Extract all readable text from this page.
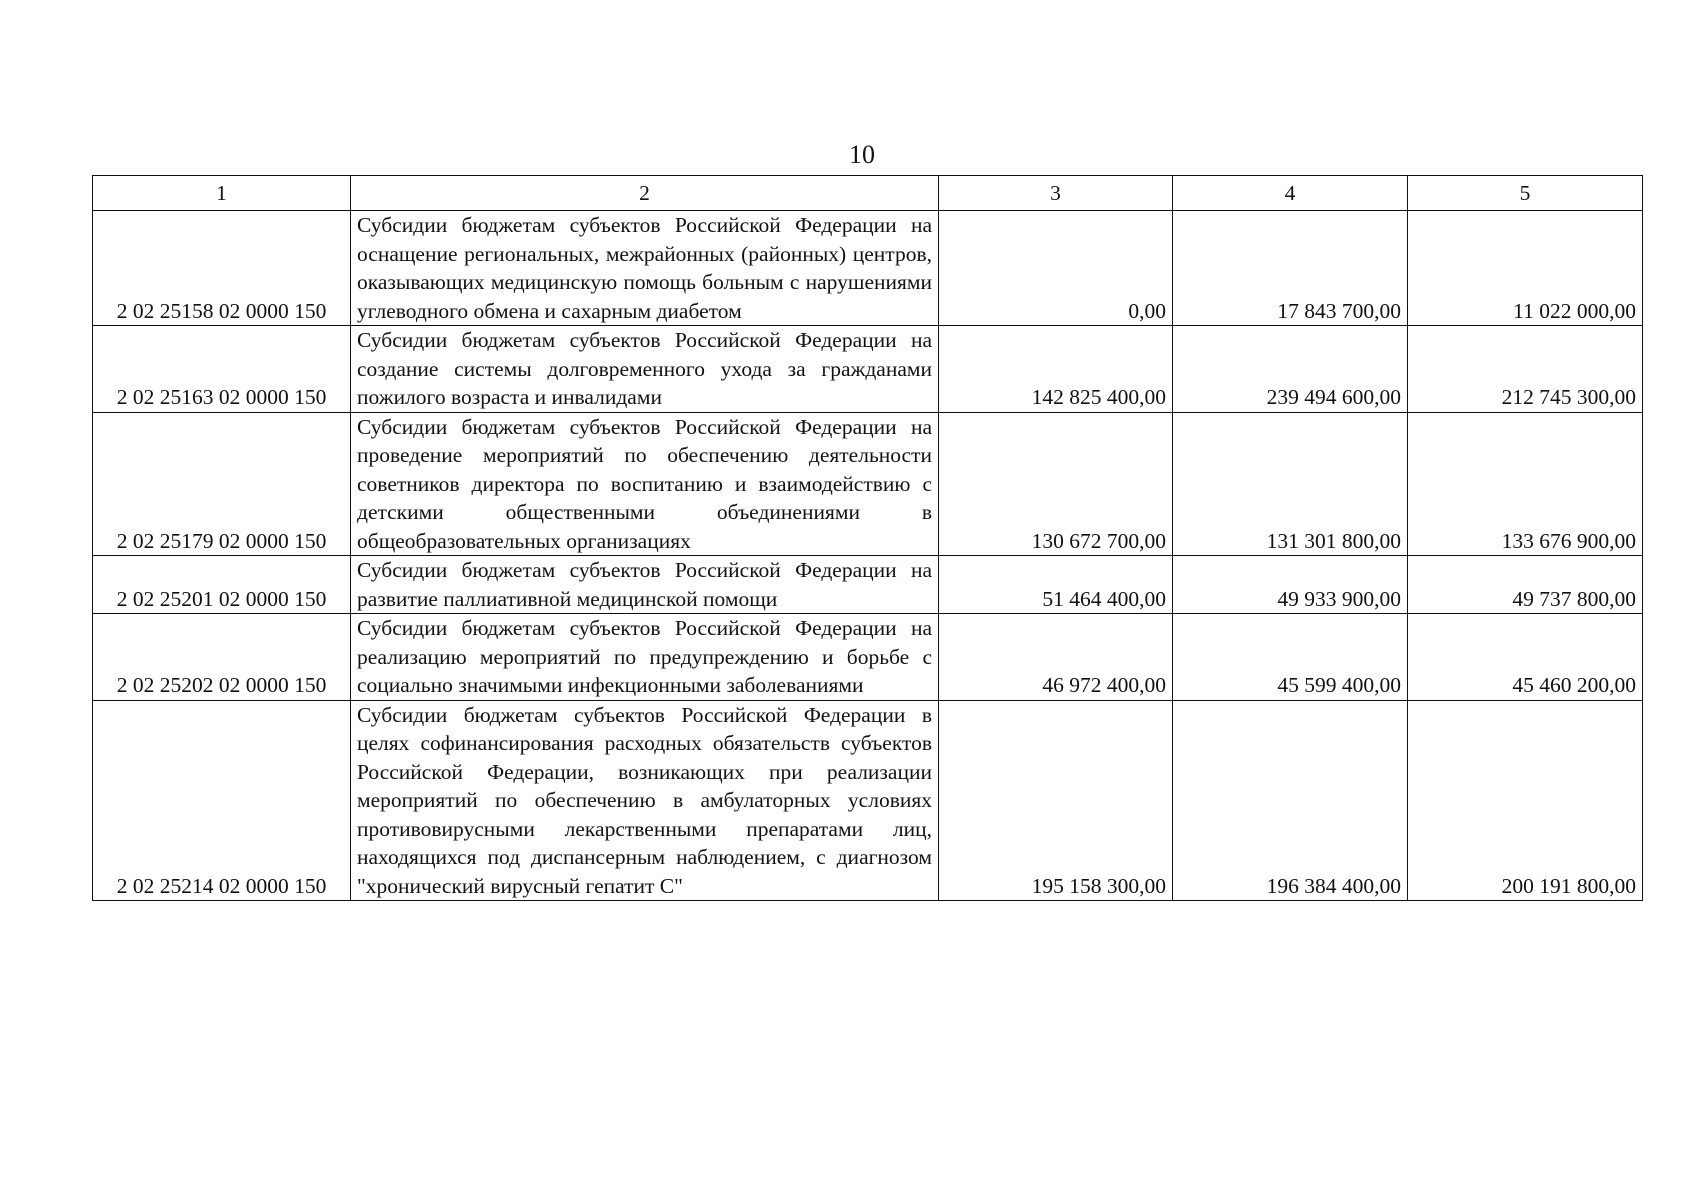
10
1	2	3	4	5
2 02 25158 02 0000 150	Субсидии бюджетам субъектов Российской Федерации на оснащение региональных, межрайонных (районных) центров, оказывающих медицинскую помощь больным с нарушениями углеводного обмена и сахарным диабетом	0,00	17 843 700,00	11 022 000,00
2 02 25163 02 0000 150	Субсидии бюджетам субъектов Российской Федерации на создание системы долговременного ухода за гражданами пожилого возраста и инвалидами	142 825 400,00	239 494 600,00	212 745 300,00
2 02 25179 02 0000 150	Субсидии бюджетам субъектов Российской Федерации на проведение мероприятий по обеспечению деятельности советников директора по воспитанию и взаимодействию с детскими общественными объединениями в общеобразовательных организациях	130 672 700,00	131 301 800,00	133 676 900,00
2 02 25201 02 0000 150	Субсидии бюджетам субъектов Российской Федерации на развитие паллиативной медицинской помощи	51 464 400,00	49 933 900,00	49 737 800,00
2 02 25202 02 0000 150	Субсидии бюджетам субъектов Российской Федерации на реализацию мероприятий по предупреждению и борьбе с социально значимыми инфекционными заболеваниями	46 972 400,00	45 599 400,00	45 460 200,00
2 02 25214 02 0000 150	Субсидии бюджетам субъектов Российской Федерации в целях софинансирования расходных обязательств субъектов Российской Федерации, возникающих при реализации мероприятий по обеспечению в амбулаторных условиях противовирусными лекарственными препаратами лиц, находящихся под диспансерным наблюдением, с диагнозом "хронический вирусный гепатит С"	195 158 300,00	196 384 400,00	200 191 800,00
